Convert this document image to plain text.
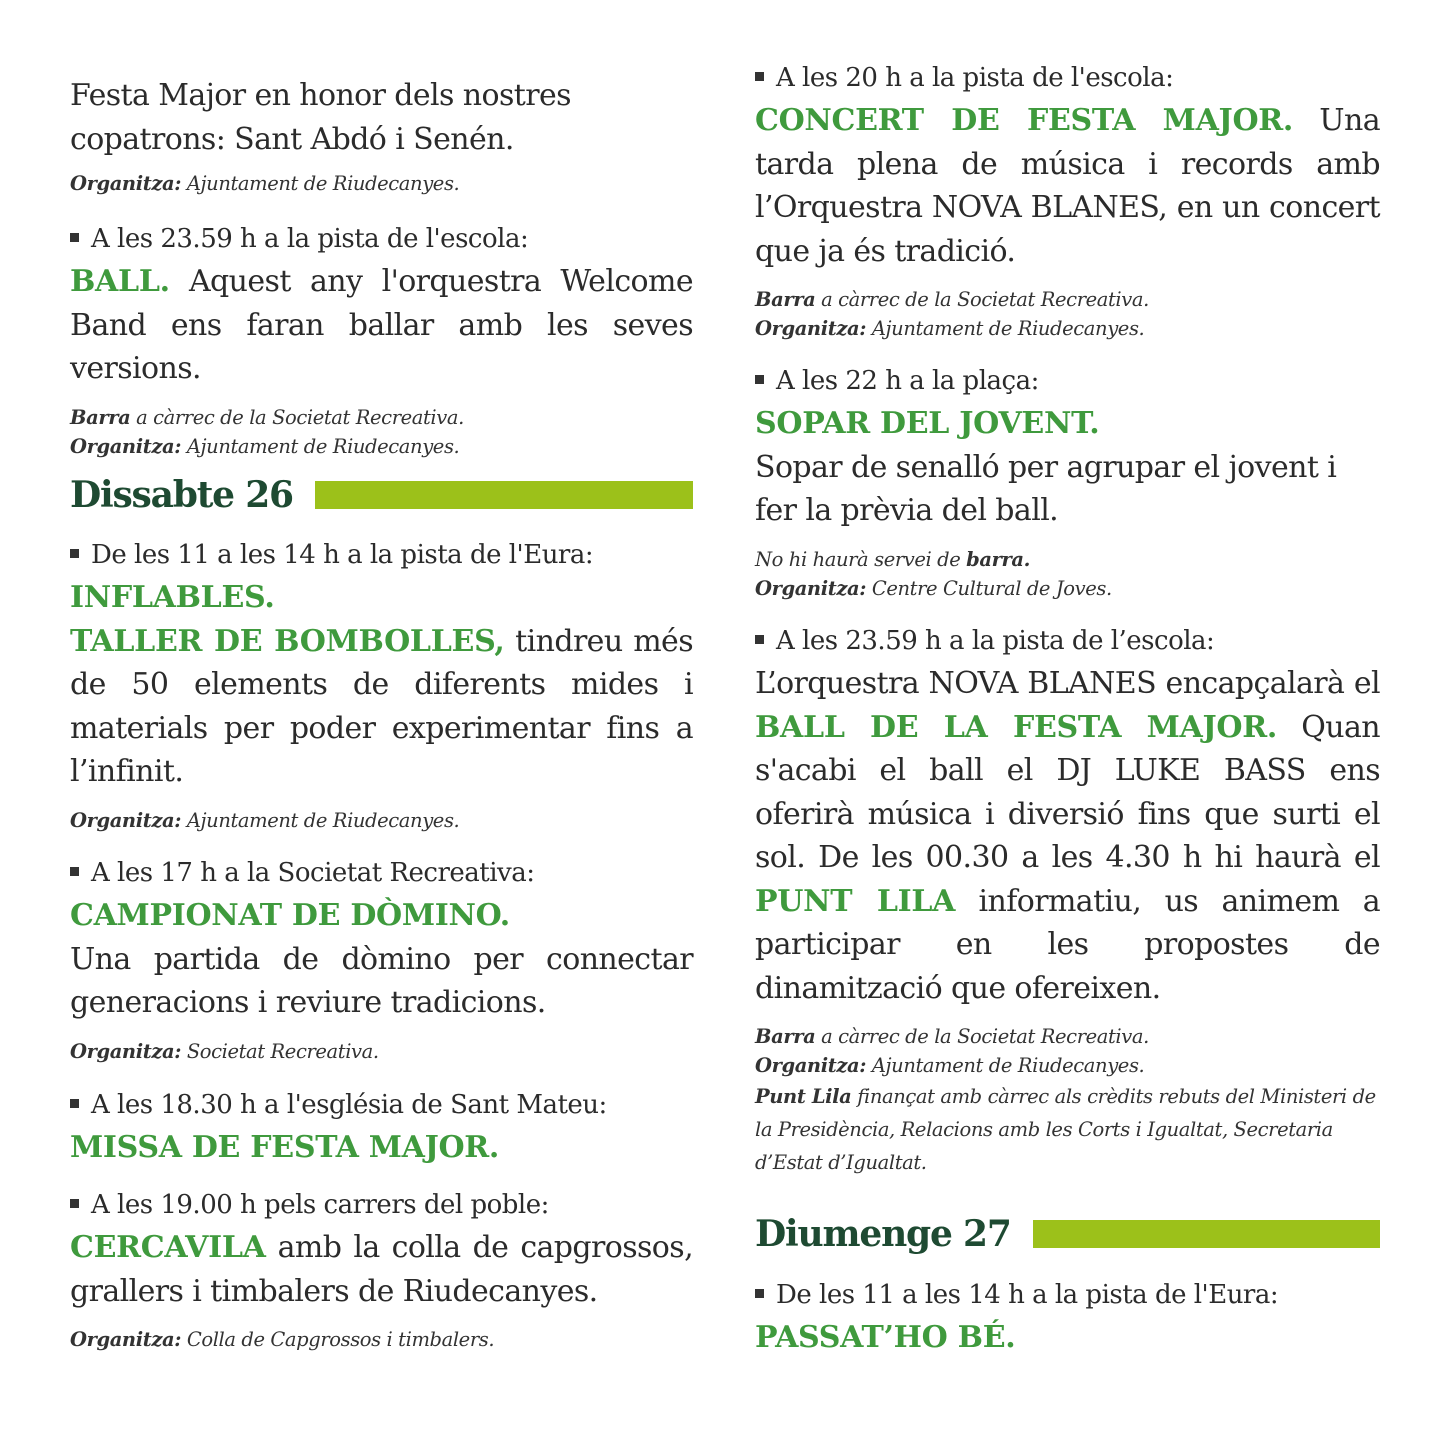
Festa Major en honor dels nostres copatrons: Sant Abdó i Senén.

Organitza: Ajuntament de Riudecanyes.

A les 23.59 h a la pista de l'escola:

BALL. Aquest any l'orquestra Welcome Band ens faran ballar amb les seves versions.

Barra a càrrec de la Societat Recreativa.

Organitza: Ajuntament de Riudecanyes.

Dissabte 26

De les 11 a les 14 h a la pista de l'Eura:

INFLABLES.

TALLER DE BOMBOLLES, tindreu més de 50 elements de diferents mides i materials per poder experimentar fins a l’infinit.

Organitza: Ajuntament de Riudecanyes.

A les 17 h a la Societat Recreativa:

CAMPIONAT DE DÒMINO.

Una partida de dòmino per connectar generacions i reviure tradicions.

Organitza: Societat Recreativa.

A les 18.30 h a l'església de Sant Mateu:

MISSA DE FESTA MAJOR.

A les 19.00 h pels carrers del poble:

CERCAVILA amb la colla de capgrossos, grallers i timbalers de Riudecanyes.

Organitza: Colla de Capgrossos i timbalers.

A les 20 h a la pista de l'escola:

CONCERT DE FESTA MAJOR. Una tarda plena de música i records amb l’Orquestra NOVA BLANES, en un concert que ja és tradició.

Barra a càrrec de la Societat Recreativa.

Organitza: Ajuntament de Riudecanyes.

A les 22 h a la plaça:

SOPAR DEL JOVENT.

Sopar de senalló per agrupar el jovent i fer la prèvia del ball.

No hi haurà servei de barra.

Organitza: Centre Cultural de Joves.

A les 23.59 h a la pista de l’escola:

L’orquestra NOVA BLANES encapçalarà el BALL DE LA FESTA MAJOR. Quan s'acabi el ball el DJ LUKE BASS ens oferirà música i diversió fins que surti el sol. De les 00.30 a les 4.30 h hi haurà el PUNT LILA informatiu, us animem a participar en les propostes de dinamització que ofereixen.

Barra a càrrec de la Societat Recreativa.

Organitza: Ajuntament de Riudecanyes.

Punt Lila finançat amb càrrec als crèdits rebuts del Ministeri de la Presidència, Relacions amb les Corts i Igualtat, Secretaria d’Estat d’Igualtat.

Diumenge 27

De les 11 a les 14 h a la pista de l'Eura:

PASSAT’HO BÉ.
